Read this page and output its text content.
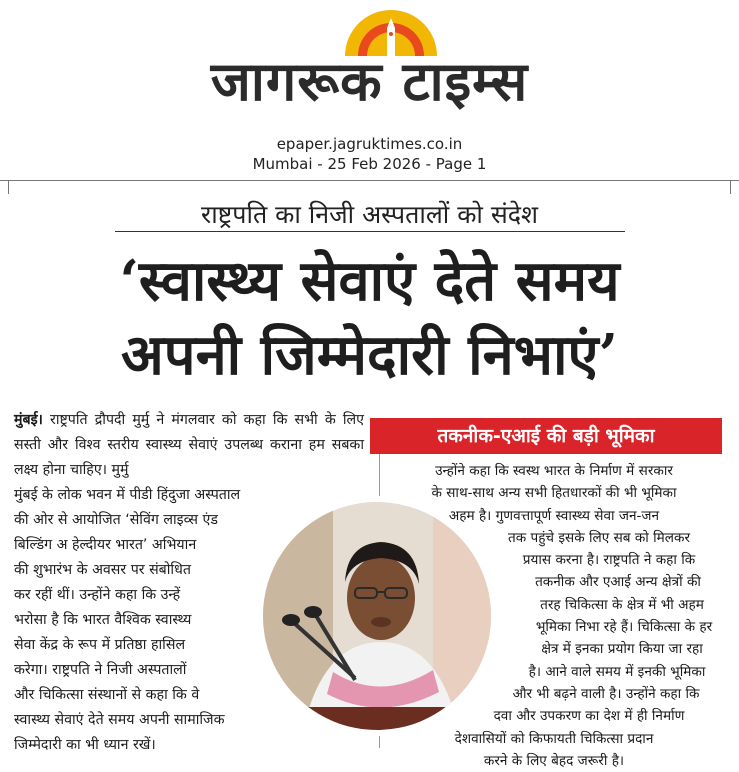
जागरूक टाइम्स
epaper.jagruktimes.co.in
Mumbai - 25 Feb 2026 - Page 1
राष्ट्रपति का निजी अस्पतालों को संदेश
‘स्वास्थ्य सेवाएं देते समय
अपनी जिम्मेदारी निभाएं’
मुंबई। राष्ट्रपति द्रौपदी मुर्मु ने मंगलवार को कहा कि सभी के लिए सस्ती और विश्व स्तरीय स्वास्थ्य सेवाएं उपलब्ध कराना हम सबका लक्ष्य होना चाहिए। मुर्मु
मुंबई के लोक भवन में पीडी हिंदुजा अस्पताल
की ओर से आयोजित ‘सेविंग लाइव्स एंड
बिल्डिंग अ हेल्दीयर भारत’ अभियान
की शुभारंभ के अवसर पर संबोधित
कर रहीं थीं। उन्होंने कहा कि उन्हें
भरोसा है कि भारत वैश्विक स्वास्थ्य
सेवा केंद्र के रूप में प्रतिष्ठा हासिल
करेगा। राष्ट्रपति ने निजी अस्पतालों
और चिकित्सा संस्थानों से कहा कि वे
स्वास्थ्य सेवाएं देते समय अपनी सामाजिक
जिम्मेदारी का भी ध्यान रखें।
तकनीक-एआई की बड़ी भूमिका
उन्होंने कहा कि स्वस्थ भारत के निर्माण में सरकार
के साथ-साथ अन्य सभी हितधारकों की भी भूमिका
अहम है। गुणवत्तापूर्ण स्वास्थ्य सेवा जन-जन
तक पहुंचे इसके लिए सब को मिलकर
प्रयास करना है। राष्ट्रपति ने कहा कि
तकनीक और एआई अन्य क्षेत्रों की
तरह चिकित्सा के क्षेत्र में भी अहम
भूमिका निभा रहे हैं। चिकित्सा के हर
क्षेत्र में इनका प्रयोग किया जा रहा
है। आने वाले समय में इनकी भूमिका
और भी बढ़ने वाली है। उन्होंने कहा कि
दवा और उपकरण का देश में ही निर्माण
देशवासियों को किफायती चिकित्सा प्रदान
करने के लिए बेहद जरूरी है।
